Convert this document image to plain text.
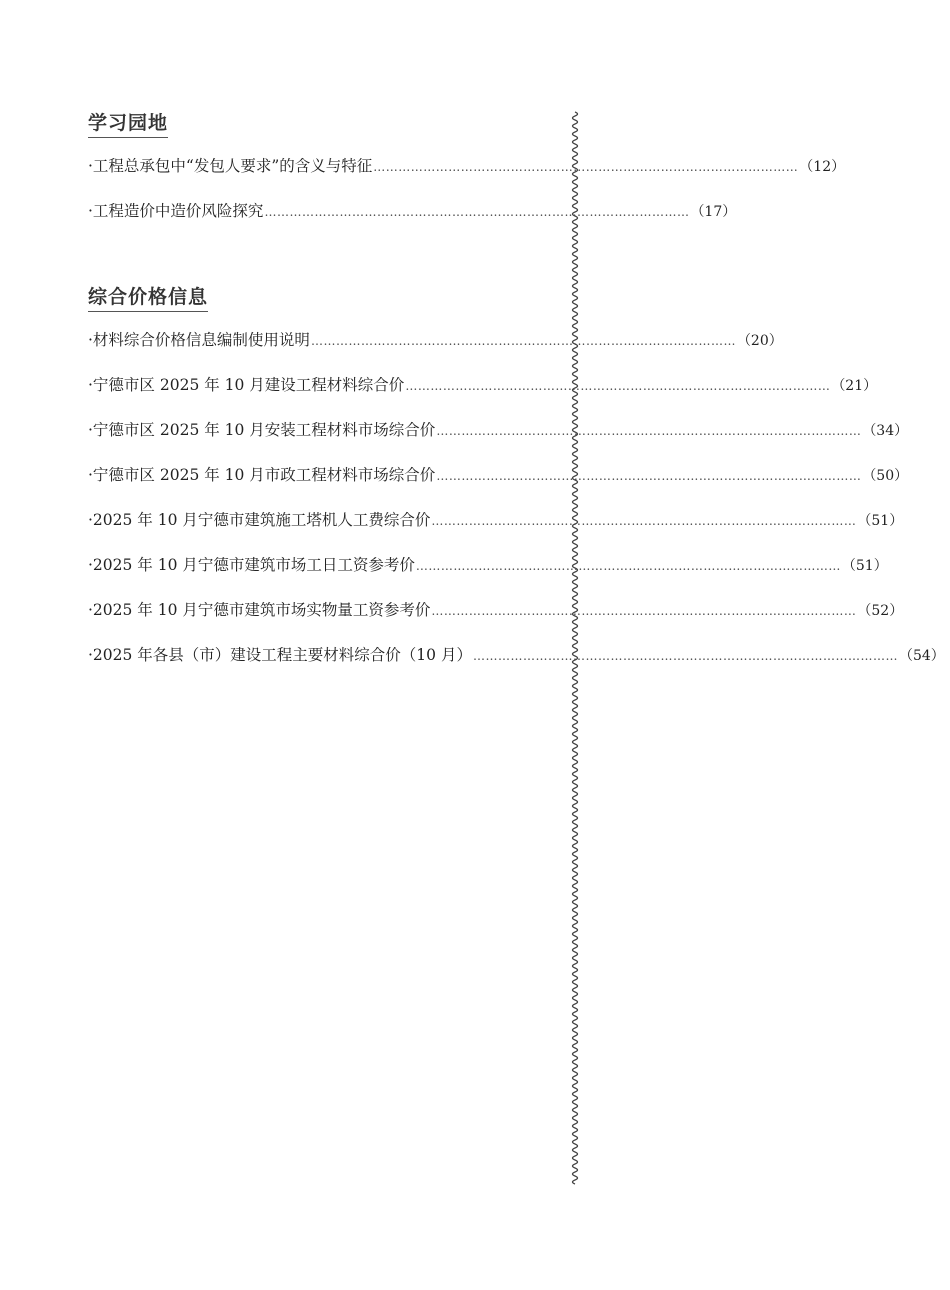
学习园地
·工程总承包中“发包人要求”的含义与特征 ………………………………………………………………………………………… （12）
·工程造价中造价风险探究 ………………………………………………………………………………………… （17）
综合价格信息
·材料综合价格信息编制使用说明 ………………………………………………………………………………………… （20）
·宁德市区 2025 年 10 月建设工程材料综合价 ………………………………………………………………………………………… （21）
·宁德市区 2025 年 10 月安装工程材料市场综合价 ………………………………………………………………………………………… （34）
·宁德市区 2025 年 10 月市政工程材料市场综合价 ………………………………………………………………………………………… （50）
·2025 年 10 月宁德市建筑施工塔机人工费综合价 ………………………………………………………………………………………… （51）
·2025 年 10 月宁德市建筑市场工日工资参考价 ………………………………………………………………………………………… （51）
·2025 年 10 月宁德市建筑市场实物量工资参考价 ………………………………………………………………………………………… （52）
·2025 年各县（市）建设工程主要材料综合价（10 月） ………………………………………………………………………………………… （54）
